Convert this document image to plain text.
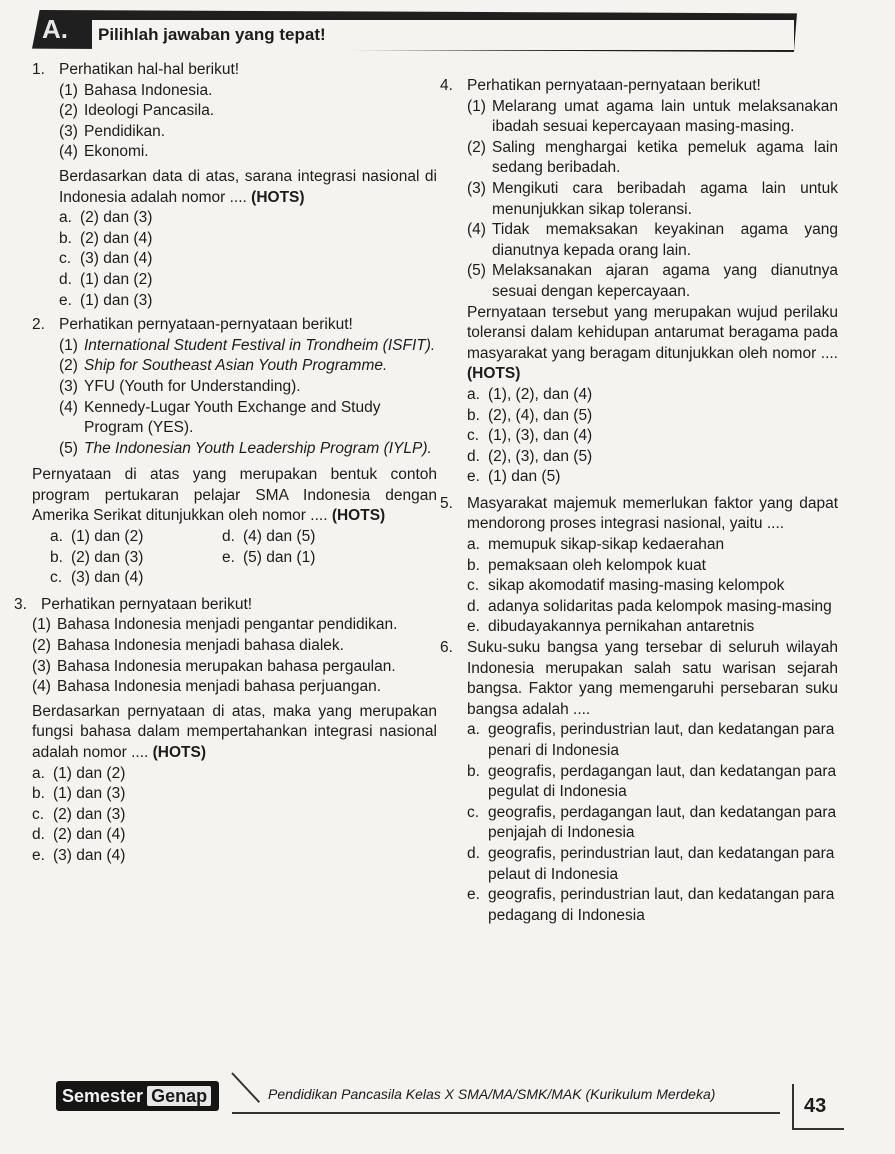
A.	Pilihlah jawaban yang tepat!
1. Perhatikan hal-hal berikut!
(1) Bahasa Indonesia.
(2) Ideologi Pancasila.
(3) Pendidikan.
(4) Ekonomi.
Berdasarkan data di atas, sarana integrasi nasional di Indonesia adalah nomor .... (HOTS)
a. (2) dan (3)
b. (2) dan (4)
c. (3) dan (4)
d. (1) dan (2)
e. (1) dan (3)
2. Perhatikan pernyataan-pernyataan berikut!
(1) International Student Festival in Trondheim (ISFIT).
(2) Ship for Southeast Asian Youth Programme.
(3) YFU (Youth for Understanding).
(4) Kennedy-Lugar Youth Exchange and Study Program (YES).
(5) The Indonesian Youth Leadership Program (IYLP).
Pernyataan di atas yang merupakan bentuk contoh program pertukaran pelajar SMA Indonesia dengan Amerika Serikat ditunjukkan oleh nomor .... (HOTS)
a. (1) dan (2)	d. (4) dan (5)
b. (2) dan (3)	e. (5) dan (1)
c. (3) dan (4)
3. Perhatikan pernyataan berikut!
(1) Bahasa Indonesia menjadi pengantar pendidikan.
(2) Bahasa Indonesia menjadi bahasa dialek.
(3) Bahasa Indonesia merupakan bahasa pergaulan.
(4) Bahasa Indonesia menjadi bahasa perjuangan.
Berdasarkan pernyataan di atas, maka yang merupakan fungsi bahasa dalam mempertahankan integrasi nasional adalah nomor .... (HOTS)
a. (1) dan (2)
b. (1) dan (3)
c. (2) dan (3)
d. (2) dan (4)
e. (3) dan (4)
4. Perhatikan pernyataan-pernyataan berikut!
(1) Melarang umat agama lain untuk melaksanakan ibadah sesuai kepercayaan masing-masing.
(2) Saling menghargai ketika pemeluk agama lain sedang beribadah.
(3) Mengikuti cara beribadah agama lain untuk menunjukkan sikap toleransi.
(4) Tidak memaksakan keyakinan agama yang dianutnya kepada orang lain.
(5) Melaksanakan ajaran agama yang dianutnya sesuai dengan kepercayaan.
Pernyataan tersebut yang merupakan wujud perilaku toleransi dalam kehidupan antarumat beragama pada masyarakat yang beragam ditunjukkan oleh nomor .... (HOTS)
a. (1), (2), dan (4)
b. (2), (4), dan (5)
c. (1), (3), dan (4)
d. (2), (3), dan (5)
e. (1) dan (5)
5. Masyarakat majemuk memerlukan faktor yang dapat mendorong proses integrasi nasional, yaitu ....
a. memupuk sikap-sikap kedaerahan
b. pemaksaan oleh kelompok kuat
c. sikap akomodatif masing-masing kelompok
d. adanya solidaritas pada kelompok masing-masing
e. dibudayakannya pernikahan antaretnis
6. Suku-suku bangsa yang tersebar di seluruh wilayah Indonesia merupakan salah satu warisan sejarah bangsa. Faktor yang memengaruhi persebaran suku bangsa adalah ....
a. geografis, perindustrian laut, dan kedatangan para penari di Indonesia
b. geografis, perdagangan laut, dan kedatangan para pegulat di Indonesia
c. geografis, perdagangan laut, dan kedatangan para penjajah di Indonesia
d. geografis, perindustrian laut, dan kedatangan para pelaut di Indonesia
e. geografis, perindustrian laut, dan kedatangan para pedagang di Indonesia
Semester Genap	Pendidikan Pancasila Kelas X SMA/MA/SMK/MAK (Kurikulum Merdeka)
43
